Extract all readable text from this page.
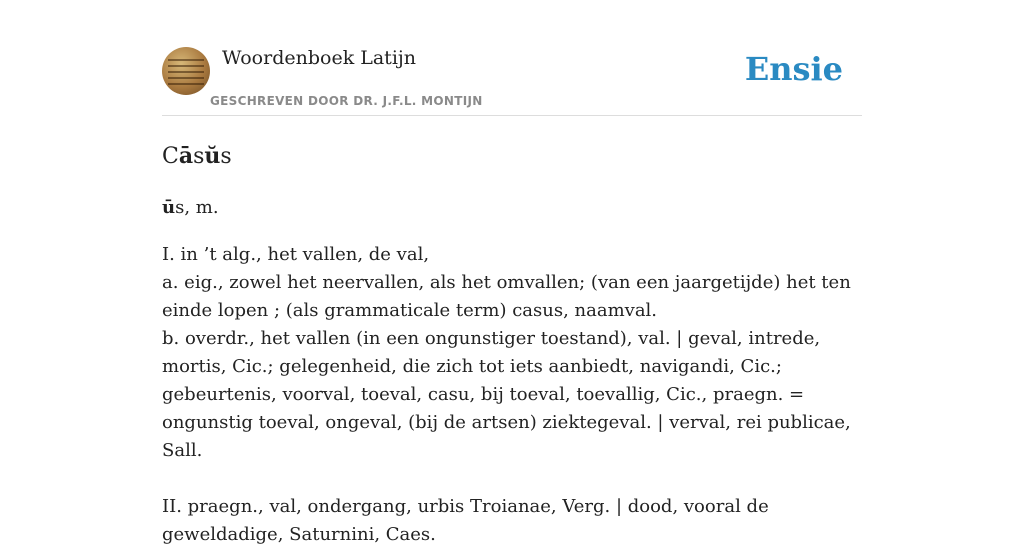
Woordenboek Latijn
GESCHREVEN DOOR DR. J.F.L. MONTIJN
Ensie
Cāsŭs
ūs, m.

I. in ’t alg., het vallen, de val,

a. eig., zowel het neervallen, als het omvallen; (van een jaargetijde) het ten einde lopen ; (als grammaticale term) casus, naamval.

b. overdr., het vallen (in een ongunstiger toestand), val. | geval, intrede, mortis, Cic.; gelegenheid, die zich tot iets aanbiedt, navigandi, Cic.; gebeurtenis, voorval, toeval, casu, bij toeval, toevallig, Cic., praegn. = ongunstig toeval, ongeval, (bij de artsen) ziektegeval. | verval, rei publicae, Sall.

II. praegn., val, ondergang, urbis Troianae, Verg. | dood, vooral de geweldadige, Saturnini, Caes.
